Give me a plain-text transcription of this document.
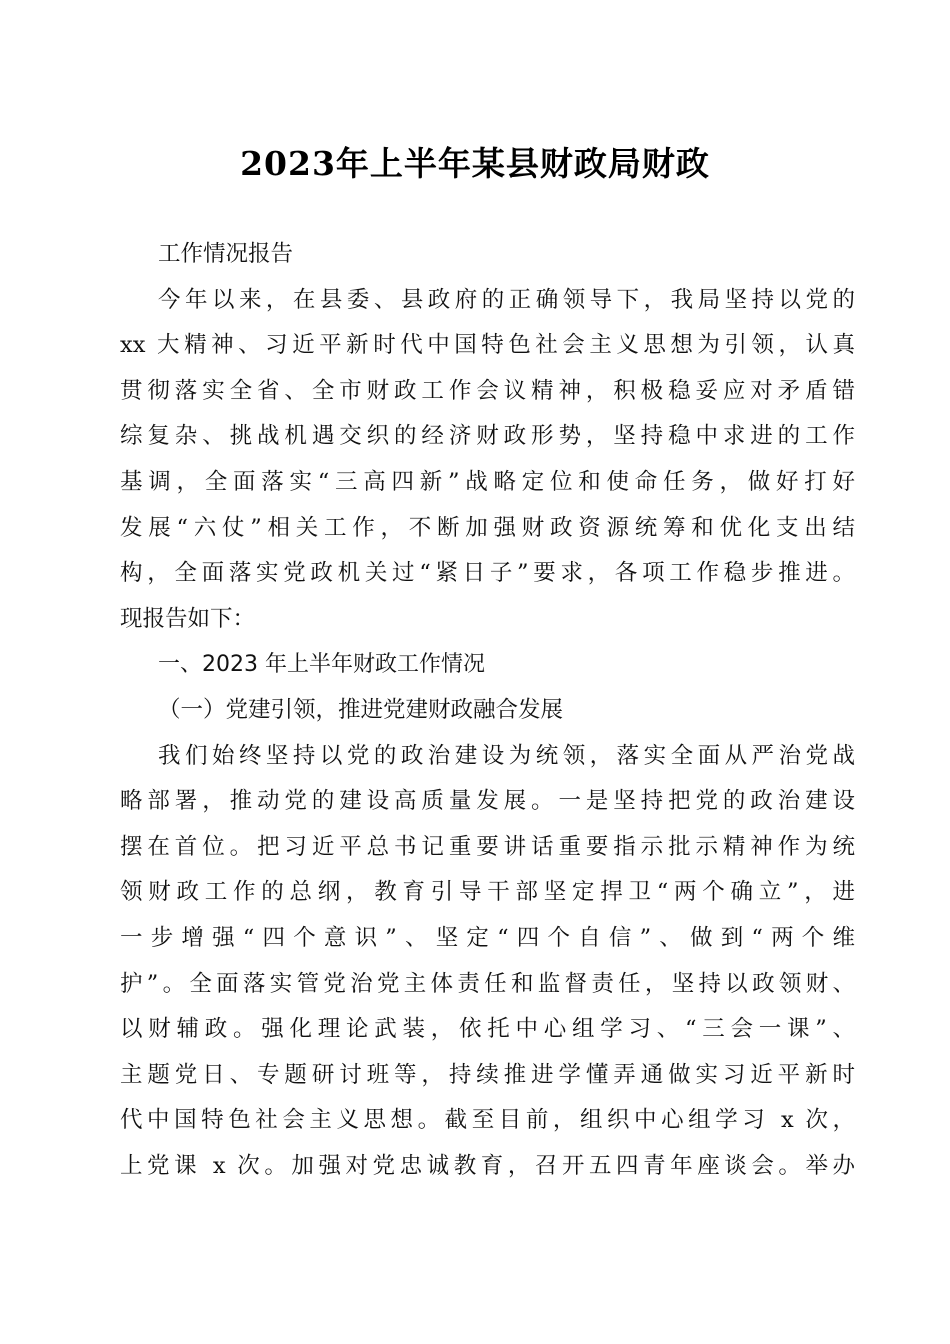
2023年上半年某县财政局财政
工作情况报告
今年以来，在县委、县政府的正确领导下，我局坚持以党的
xx 大精神、习近平新时代中国特色社会主义思想为引领，认真
贯彻落实全省、全市财政工作会议精神，积极稳妥应对矛盾错
综复杂、挑战机遇交织的经济财政形势，坚持稳中求进的工作
基调，全面落实“三高四新”战略定位和使命任务，做好打好
发展“六仗”相关工作，不断加强财政资源统筹和优化支出结
构，全面落实党政机关过“紧日子”要求，各项工作稳步推进。
现报告如下：
一、2023 年上半年财政工作情况
（一）党建引领，推进党建财政融合发展
我们始终坚持以党的政治建设为统领，落实全面从严治党战
略部署，推动党的建设高质量发展。一是坚持把党的政治建设
摆在首位。把习近平总书记重要讲话重要指示批示精神作为统
领财政工作的总纲，教育引导干部坚定捍卫“两个确立”，进
一步增强“四个意识”、坚定“四个自信”、做到“两个维
护”。全面落实管党治党主体责任和监督责任，坚持以政领财、
以财辅政。强化理论武装，依托中心组学习、“三会一课”、
主题党日、专题研讨班等，持续推进学懂弄通做实习近平新时
代中国特色社会主义思想。截至目前，组织中心组学习 x 次，
上党课 x 次。加强对党忠诚教育，召开五四青年座谈会。举办
